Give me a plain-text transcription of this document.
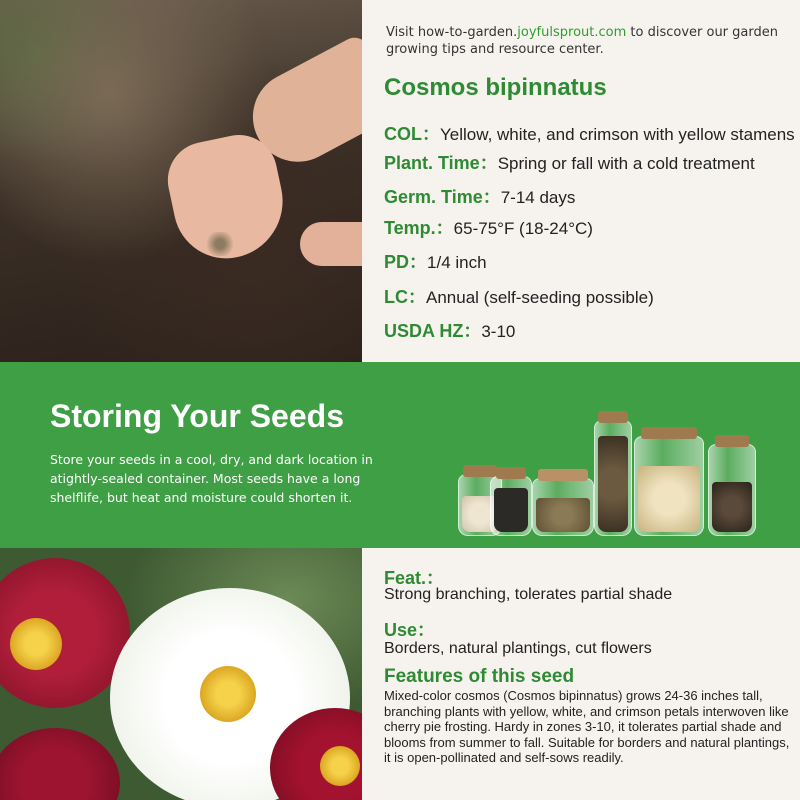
Visit how-to-garden.joyfulsprout.com to discover our garden growing tips and resource center.
Cosmos bipinnatus
COL：Yellow, white, and crimson with yellow stamens
Plant. Time：Spring or fall with a cold treatment
Germ. Time：7-14 days
Temp.：65-75°F (18-24°C)
PD：1/4 inch
LC：Annual (self-seeding possible)
USDA HZ：3-10
Storing Your Seeds
Store your seeds in a cool, dry, and dark location in atightly-sealed container. Most seeds have a long shelflife, but heat and moisture could shorten it.
Feat.：
Strong branching, tolerates partial shade
Use：
Borders, natural plantings, cut flowers
Features of this seed
Mixed-color cosmos (Cosmos bipinnatus) grows 24-36 inches tall, branching plants with yellow, white, and crimson petals interwoven like cherry pie frosting. Hardy in zones 3-10, it tolerates partial shade and blooms from summer to fall. Suitable for borders and natural plantings, it is open-pollinated and self-sows readily.
